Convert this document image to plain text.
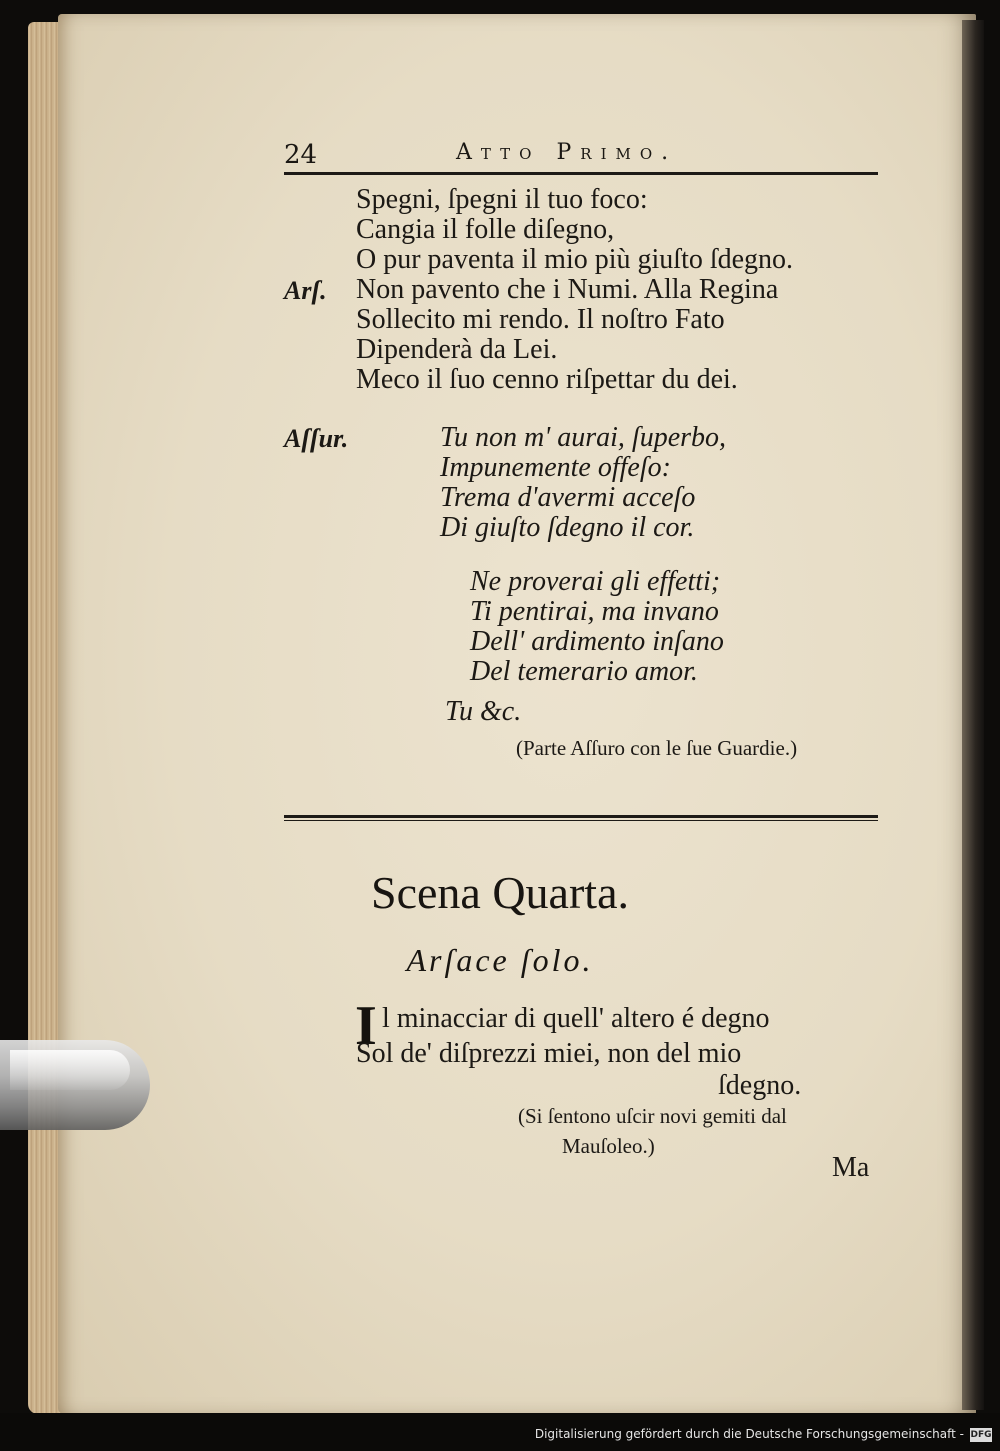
24	Atto Primo.
Spegni, ſpegni il tuo foco:
Cangia il folle diſegno,
O pur paventa il mio più giuſto ſdegno.
Arſ. Non pavento che i Numi. Alla Regina
Sollecito mi rendo. Il noſtro Fato
Dipenderà da Lei.
Meco il ſuo cenno riſpettar du dei.
Aſſur.	Tu non m' aurai, ſuperbo,
Impunemente offeſo:
Trema d'avermi acceſo
Di giuſto ſdegno il cor.
Ne proverai gli effetti;
Ti pentirai, ma invano
Dell' ardimento inſano
Del temerario amor.
Tu &c.
(Parte Aſſuro con le ſue Guardie.)
Scena Quarta.
Arſace ſolo.
I l minacciar di quell' altero é degno
Sol de' diſprezzi miei, non del mio
ſdegno.
(Si ſentono uſcir novi gemiti dal
Mauſoleo.)
Ma
Digitalisierung gefördert durch die Deutsche Forschungsgemeinschaft - DFG
